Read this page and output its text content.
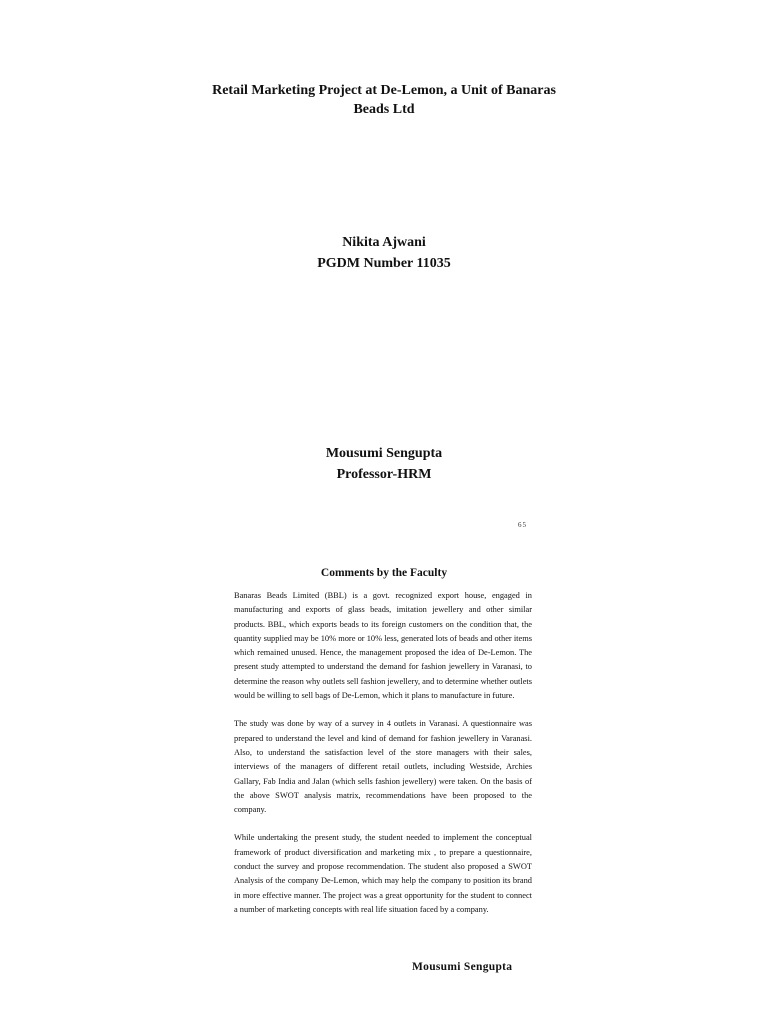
Retail Marketing Project at De-Lemon, a Unit of Banaras Beads Ltd
Nikita Ajwani
PGDM Number 11035
Mousumi Sengupta
Professor-HRM
65
Comments by the Faculty

Banaras Beads Limited (BBL) is a govt. recognized export house, engaged in manufacturing and exports of glass beads, imitation jewellery and other similar products. BBL, which exports beads to its foreign customers on the condition that, the quantity supplied may be 10% more or 10% less, generated lots of beads and other items which remained unused. Hence, the management proposed the idea of De-Lemon. The present study attempted to understand the demand for fashion jewellery in Varanasi, to determine the reason why outlets sell fashion jewellery, and to determine whether outlets would be willing to sell bags of De-Lemon, which it plans to manufacture in future.

The study was done by way of a survey in 4 outlets in Varanasi. A questionnaire was prepared to understand the level and kind of demand for fashion jewellery in Varanasi. Also, to understand the satisfaction level of the store managers with their sales, interviews of the managers of different retail outlets, including Westside, Archies Gallary, Fab India and Jalan (which sells fashion jewellery) were taken. On the basis of the above SWOT analysis matrix, recommendations have been proposed to the company.

While undertaking the present study, the student needed to implement the conceptual framework of product diversification and marketing mix , to prepare a questionnaire, conduct the survey and propose recommendation. The student also proposed a SWOT Analysis of the company De-Lemon, which may help the company to position its brand in more effective manner. The project was a great opportunity for the student to connect a number of marketing concepts with real life situation faced by a company.

Mousumi Sengupta
